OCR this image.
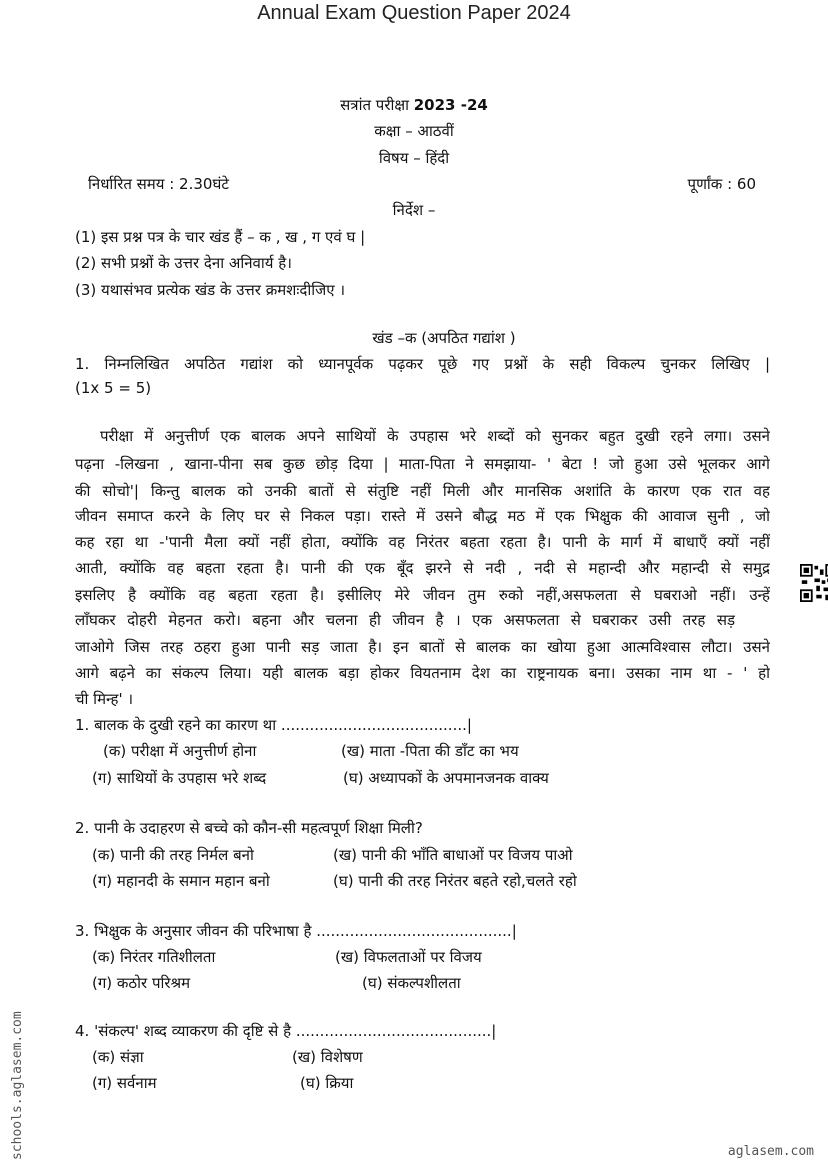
Annual Exam Question Paper 2024
सत्रांत परीक्षा 2023 -24
कक्षा – आठवीं
विषय – हिंदी
निर्धारित समय : 2.30घंटे	पूर्णांक : 60
निर्देश –
(1) इस प्रश्न पत्र के चार खंड हैं – क , ख , ग एवं घ |
(2) सभी प्रश्नों के उत्तर देना अनिवार्य है।
(3) यथासंभव प्रत्येक खंड के उत्तर क्रमशःदीजिए ।
खंड –क (अपठित गद्यांश )
1. निम्नलिखित अपठित गद्यांश को ध्यानपूर्वक पढ़कर पूछे गए प्रश्नों के सही विकल्प चुनकर लिखिए |
(1x 5 = 5)
परीक्षा में अनुत्तीर्ण एक बालक अपने साथियों के उपहास भरे शब्दों को सुनकर बहुत दुखी रहने लगा। उसने
पढ़ना -लिखना , खाना-पीना सब कुछ छोड़ दिया | माता-पिता ने समझाया- ' बेटा ! जो हुआ उसे भूलकर आगे
की सोचो'| किन्तु बालक को उनकी बातों से संतुष्टि नहीं मिली और मानसिक अशांति के कारण एक रात वह
जीवन समाप्त करने के लिए घर से निकल पड़ा। रास्ते में उसने बौद्ध मठ में एक भिक्षुक की आवाज सुनी , जो
कह रहा था -'पानी मैला क्यों नहीं होता, क्योंकि वह निरंतर बहता रहता है। पानी के मार्ग में बाधाएँ क्यों नहीं
आती, क्योंकि वह बहता रहता है। पानी की एक बूँद झरने से नदी , नदी से महान्दी और महान्दी से समुद्र
इसलिए है क्योंकि वह बहता रहता है। इसीलिए मेरे जीवन तुम रुको नहीं,असफलता से घबराओ नहीं। उन्हें
लाँघकर दोहरी मेहनत करो। बहना और चलना ही जीवन है । एक असफलता से घबराकर उसी तरह सड़
जाओगे जिस तरह ठहरा हुआ पानी सड़ जाता है। इन बातों से बालक का खोया हुआ आत्मविश्वास लौटा। उसने
आगे बढ़ने का संकल्प लिया। यही बालक बड़ा होकर वियतनाम देश का राष्ट्रनायक बना। उसका नाम था - ' हो
ची मिन्ह' ।
1. बालक के दुखी रहने का कारण था .......................................|
(क) परीक्षा में अनुत्तीर्ण होना	(ख) माता -पिता की डाँट का भय
(ग) साथियों के उपहास भरे शब्द	(घ) अध्यापकों के अपमानजनक वाक्य
2. पानी के उदाहरण से बच्चे को कौन-सी महत्वपूर्ण शिक्षा मिली?
(क) पानी की तरह निर्मल बनो	(ख) पानी की भाँति बाधाओं पर विजय पाओ
(ग) महानदी के समान महान बनो	(घ) पानी की तरह निरंतर बहते रहो,चलते रहो
3. भिक्षुक के अनुसार जीवन की परिभाषा है .........................................|
(क) निरंतर गतिशीलता	(ख) विफलताओं पर विजय
(ग) कठोर परिश्रम	(घ) संकल्पशीलता
4. 'संकल्प' शब्द व्याकरण की दृष्टि से है .........................................|
(क) संज्ञा	(ख) विशेषण
(ग) सर्वनाम	(घ) क्रिया
schools.aglasem.com	aglasem.com
